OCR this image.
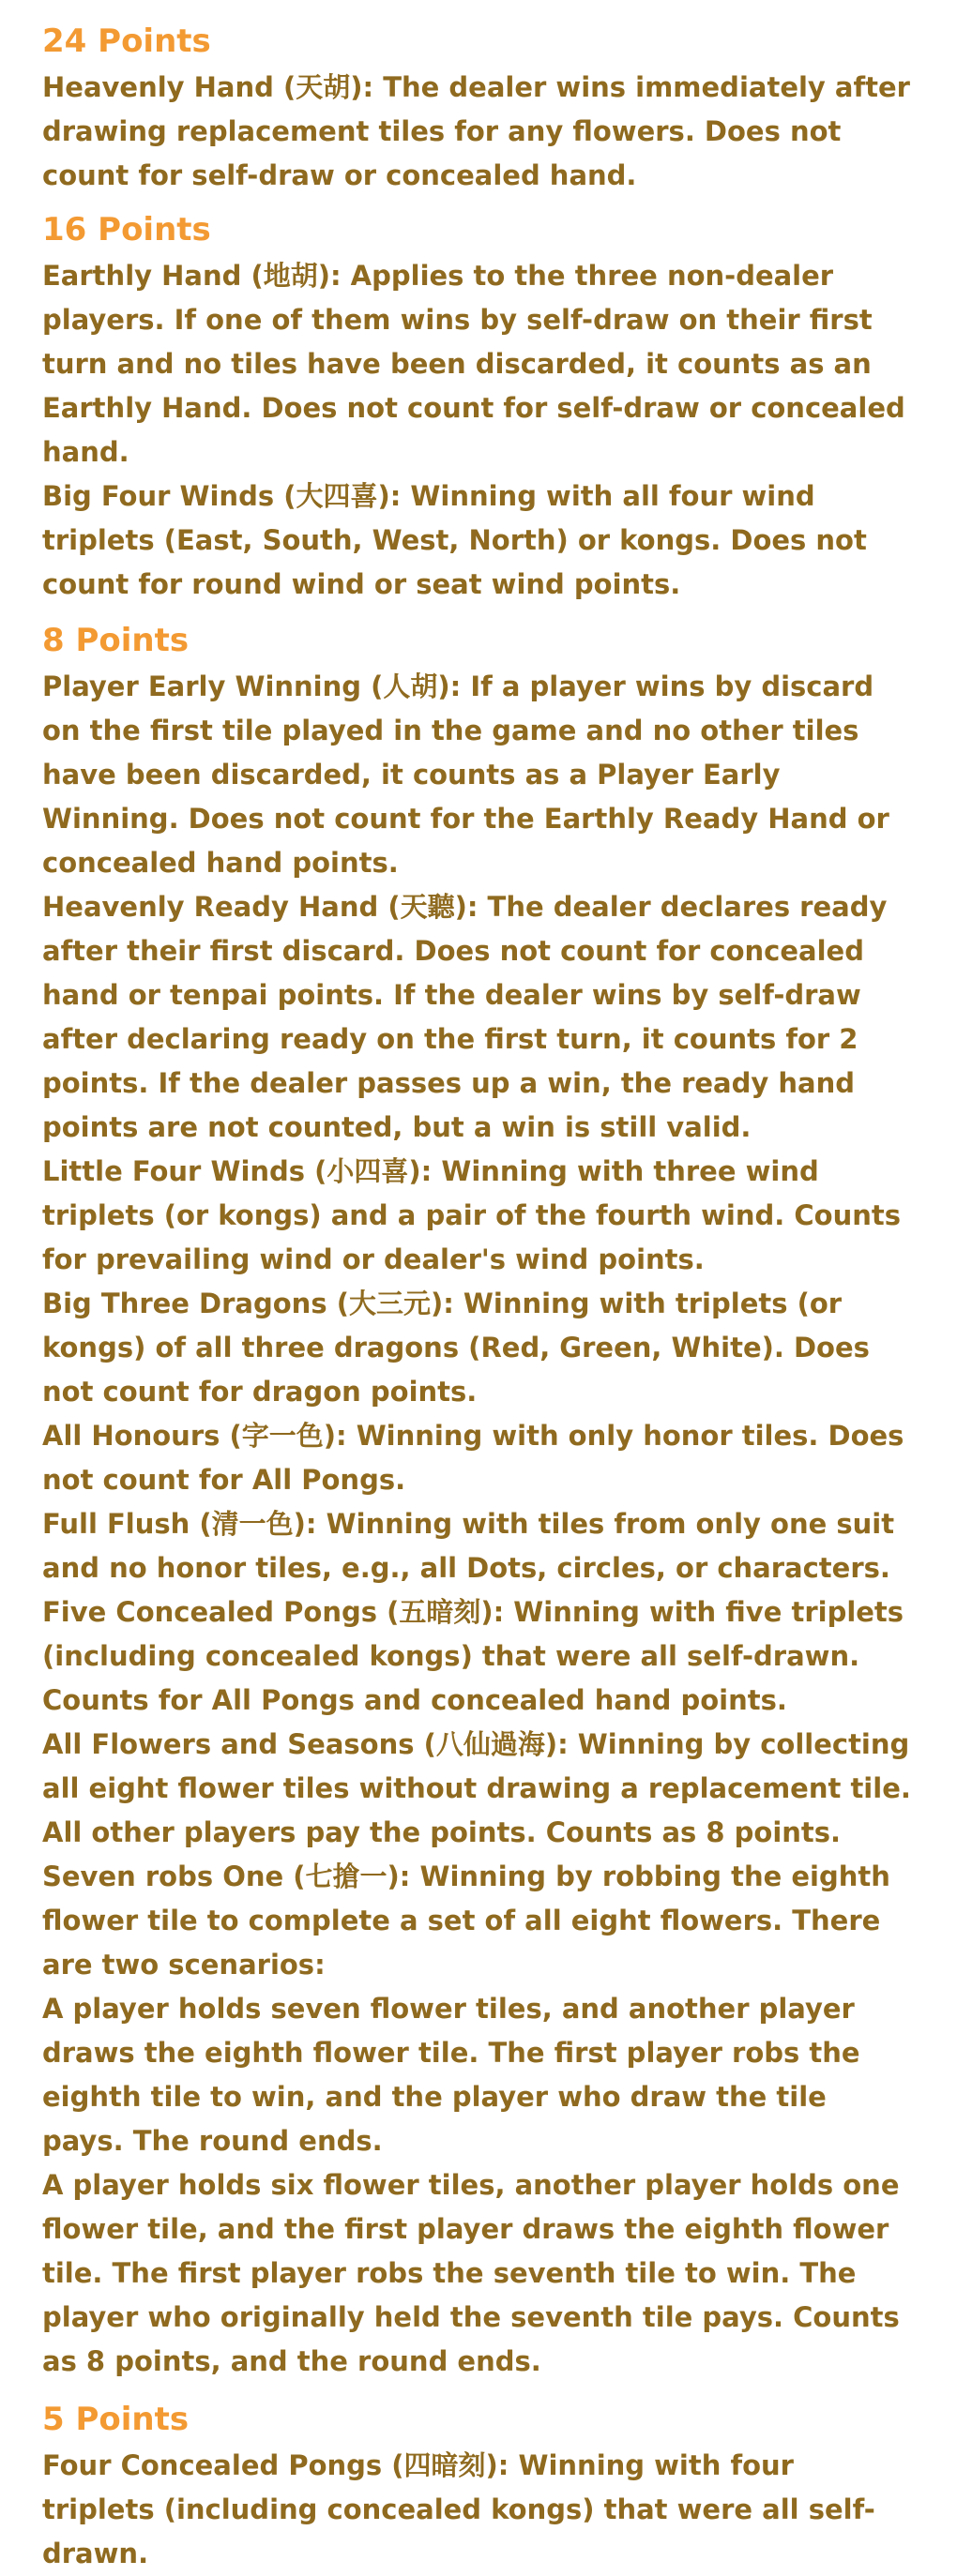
24 Points

Heavenly Hand (天胡): The dealer wins immediately after drawing replacement tiles for any flowers. Does not count for self-draw or concealed hand.

16 Points

Earthly Hand (地胡): Applies to the three non-dealer players. If one of them wins by self-draw on their first turn and no tiles have been discarded, it counts as an Earthly Hand. Does not count for self-draw or concealed hand.

Big Four Winds (大四喜): Winning with all four wind triplets (East, South, West, North) or kongs. Does not count for round wind or seat wind points.

8 Points

Player Early Winning (人胡): If a player wins by discard on the first tile played in the game and no other tiles have been discarded, it counts as a Player Early Winning. Does not count for the Earthly Ready Hand or concealed hand points.

Heavenly Ready Hand (天聽): The dealer declares ready after their first discard. Does not count for concealed hand or tenpai points. If the dealer wins by self-draw after declaring ready on the first turn, it counts for 2 points. If the dealer passes up a win, the ready hand points are not counted, but a win is still valid.

Little Four Winds (小四喜): Winning with three wind triplets (or kongs) and a pair of the fourth wind. Counts for prevailing wind or dealer's wind points.

Big Three Dragons (大三元): Winning with triplets (or kongs) of all three dragons (Red, Green, White). Does not count for dragon points.

All Honours (字一色): Winning with only honor tiles. Does not count for All Pongs.

Full Flush (清一色): Winning with tiles from only one suit and no honor tiles, e.g., all Dots, circles, or characters.

Five Concealed Pongs (五暗刻): Winning with five triplets (including concealed kongs) that were all self-drawn. Counts for All Pongs and concealed hand points.

All Flowers and Seasons (八仙過海): Winning by collecting all eight flower tiles without drawing a replacement tile. All other players pay the points. Counts as 8 points.

Seven robs One (七搶一): Winning by robbing the eighth flower tile to complete a set of all eight flowers. There are two scenarios:

A player holds seven flower tiles, and another player draws the eighth flower tile. The first player robs the eighth tile to win, and the player who draw the tile pays. The round ends.

A player holds six flower tiles, another player holds one flower tile, and the first player draws the eighth flower tile. The first player robs the seventh tile to win. The player who originally held the seventh tile pays. Counts as 8 points, and the round ends.

5 Points

Four Concealed Pongs (四暗刻): Winning with four triplets (including concealed kongs) that were all self-drawn.
